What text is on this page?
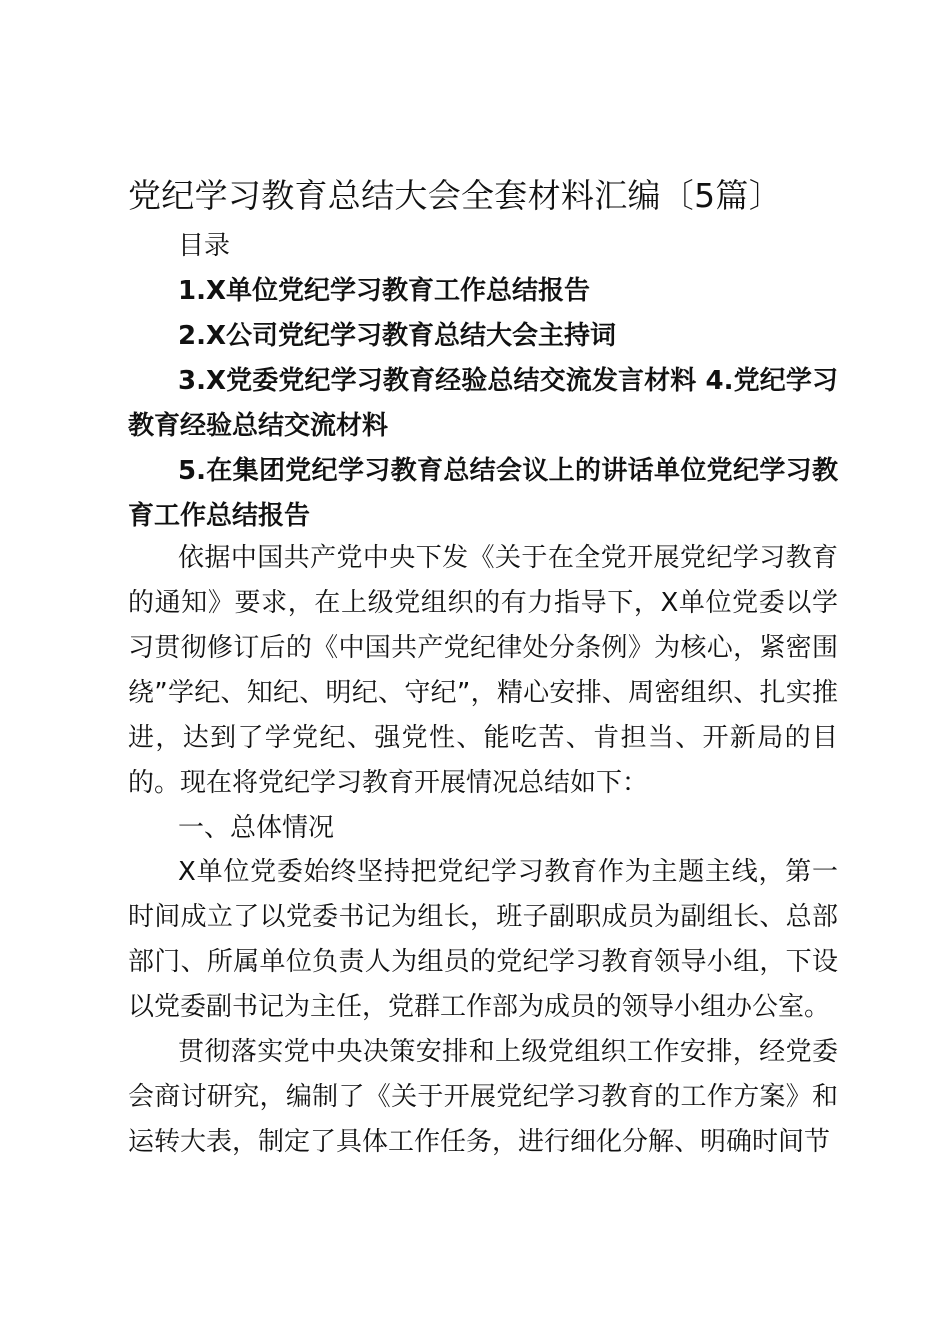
党纪学习教育总结大会全套材料汇编〔5篇〕

目录

1.X单位党纪学习教育工作总结报告

2.X公司党纪学习教育总结大会主持词

3.X党委党纪学习教育经验总结交流发言材料 4.党纪学习教育经验总结交流材料

5.在集团党纪学习教育总结会议上的讲话单位党纪学习教育工作总结报告

依据中国共产党中央下发《关于在全党开展党纪学习教育的通知》要求，在上级党组织的有力指导下，X单位党委以学习贯彻修订后的《中国共产党纪律处分条例》为核心，紧密围绕”学纪、知纪、明纪、守纪”，精心安排、周密组织、扎实推进，达到了学党纪、强党性、能吃苦、肯担当、开新局的目的。现在将党纪学习教育开展情况总结如下：

一、总体情况

X单位党委始终坚持把党纪学习教育作为主题主线，第一时间成立了以党委书记为组长，班子副职成员为副组长、总部部门、所属单位负责人为组员的党纪学习教育领导小组，下设以党委副书记为主任，党群工作部为成员的领导小组办公室。

贯彻落实党中央决策安排和上级党组织工作安排，经党委会商讨研究，编制了《关于开展党纪学习教育的工作方案》和运转大表，制定了具体工作任务，进行细化分解、明确时间节
